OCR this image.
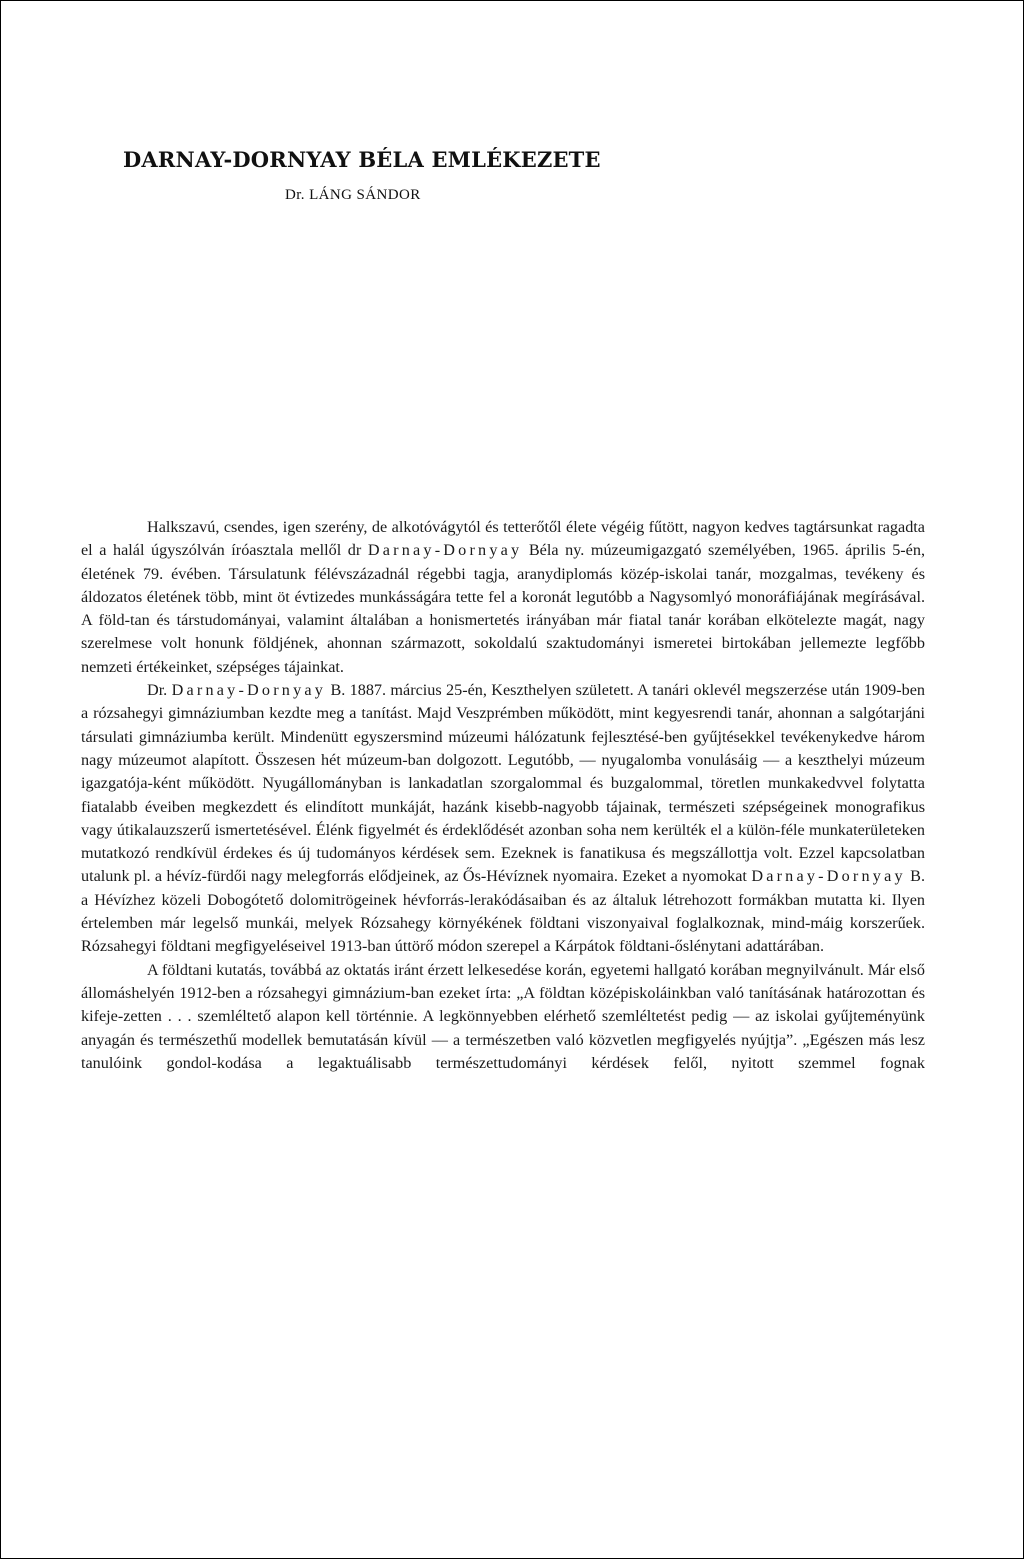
DARNAY-DORNYAY BÉLA EMLÉKEZETE
Dr. LÁNG SÁNDOR

Halkszavú, csendes, igen szerény, de alkotóvágytól és tetterőtől élete végéig fűtött, nagyon kedves tagtársunkat ragadta el a halál úgyszólván íróasztala mellől dr Darnay-Dornyay Béla ny. múzeumigazgató személyében, 1965. április 5-én, életének 79. évében. Társulatunk félévszázadnál régebbi tagja, aranydiplomás közép-iskolai tanár, mozgalmas, tevékeny és áldozatos életének több, mint öt évtizedes munkásságára tette fel a koronát legutóbb a Nagysomlyó monoráfiájának megírásával. A föld-tan és társtudományai, valamint általában a honismertetés irányában már fiatal tanár korában elkötelezte magát, nagy szerelmese volt honunk földjének, ahonnan származott, sokoldalú szaktudományi ismeretei birtokában jellemezte legfőbb nemzeti értékeinket, szépséges tájainkat.

Dr. Darnay-Dornyay B. 1887. március 25-én, Keszthelyen született. A tanári oklevél megszerzése után 1909-ben a rózsahegyi gimnáziumban kezdte meg a tanítást. Majd Veszprémben működött, mint kegyesrendi tanár, ahonnan a salgótarjáni társulati gimnáziumba került. Mindenütt egyszersmind múzeumi hálózatunk fejlesztésé-ben gyűjtésekkel tevékenykedve három nagy múzeumot alapított. Összesen hét múzeum-ban dolgozott. Legutóbb, — nyugalomba vonulásáig — a keszthelyi múzeum igazgatója-ként működött. Nyugállományban is lankadatlan szorgalommal és buzgalommal, töretlen munkakedvvel folytatta fiatalabb éveiben megkezdett és elindított munkáját, hazánk kisebb-nagyobb tájainak, természeti szépségeinek monografikus vagy útikalauzszerű ismertetésével. Élénk figyelmét és érdeklődését azonban soha nem kerülték el a külön-féle munkaterületeken mutatkozó rendkívül érdekes és új tudományos kérdések sem. Ezeknek is fanatikusa és megszállottja volt. Ezzel kapcsolatban utalunk pl. a hévíz-fürdői nagy melegforrás elődjeinek, az Ős-Hévíznek nyomaira. Ezeket a nyomokat Darnay-Dornyay B. a Hévízhez közeli Dobogótető dolomitrögeinek hévforrás-lerakódásaiban és az általuk létrehozott formákban mutatta ki. Ilyen értelemben már legelső munkái, melyek Rózsahegy környékének földtani viszonyaival foglalkoznak, mind-máig korszerűek. Rózsahegyi földtani megfigyeléseivel 1913-ban úttörő módon szerepel a Kárpátok földtani-őslénytani adattárában.

A földtani kutatás, továbbá az oktatás iránt érzett lelkesedése korán, egyetemi hallgató korában megnyilvánult. Már első állomáshelyén 1912-ben a rózsahegyi gimnázium-ban ezeket írta: „A földtan középiskoláinkban való tanításának határozottan és kifeje-zetten . . . szemléltető alapon kell történnie. A legkönnyebben elérhető szemléltetést pedig — az iskolai gyűjteményünk anyagán és természethű modellek bemutatásán kívül — a természetben való közvetlen megfigyelés nyújtja”. „Egészen más lesz tanulóink gondol-kodása a legaktuálisabb természettudományi kérdések felől, nyitott szemmel fognak
